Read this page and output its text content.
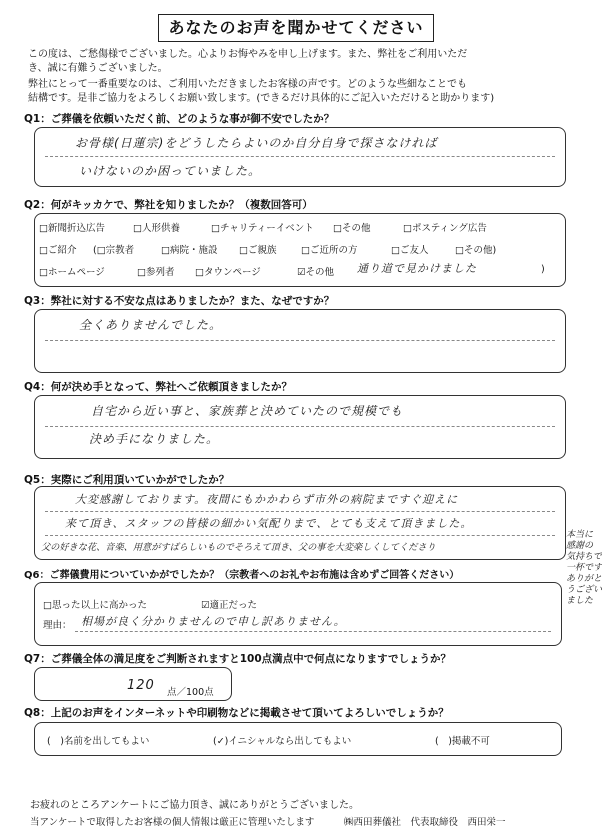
あなたのお声を聞かせてください
この度は、ご愁傷様でございました。心よりお悔やみを申し上げます。また、弊社をご利用いただ
き、誠に有難うございました。
弊社にとって一番重要なのは、ご利用いただきましたお客様の声です。どのような些細なことでも
結構です。是非ご協力をよろしくお願い致します。(できるだけ具体的にご記入いただけると助かります)
Q1：ご葬儀を依頼いただく前、どのような事が御不安でしたか？
お骨様(日蓮宗)をどうしたらよいのか自分自身で探さなければ
いけないのか困っていました。
Q2：何がキッカケで、弊社を知りましたか？（複数回答可）
□新聞折込広告	□人形供養	□チャリティーイベント □その他	□ポスティング広告
□ご紹介 (□宗教者	□病院・施設 □ご親族	□ご近所の方	□ご友人	□その他)
□ホームページ	□参列者 □タウンページ	☑その他 通り道で見かけました	)
Q3：弊社に対する不安な点はありましたか？また、なぜですか？
全くありませんでした。
Q4：何が決め手となって、弊社へご依頼頂きましたか？
自宅から近い事と、家族葬と決めていたので規模でも
決め手になりました。
Q5：実際にご利用頂いていかがでしたか？
大変感謝しております。夜間にもかかわらず市外の病院まですぐ迎えに
来て頂き、スタッフの皆様の細かい気配りまで、とても支えて頂きました。
父の好きな花、音楽、用意がすばらしいものでそろえて頂き、父の事を大変楽しくしてくださり
本当に
感謝の
気持ちで
一杯です
ありがと
うござい
ました
Q6：ご葬儀費用についていかがでしたか？（宗教者へのお礼やお布施は含めずご回答ください）
□思った以上に高かった	☑適正だった
理由： 相場が良く分かりませんので申し訳ありません。
Q7：ご葬儀全体の満足度をご判断されますと100点満点中で何点になりますでしょうか？
120 点／100点
Q8：上記のお声をインターネットや印刷物などに掲載させて頂いてよろしいでしょうか？
(　)名前を出してもよい	(✓)イニシャルなら出してもよい	(　)掲載不可
お疲れのところアンケートにご協力頂き、誠にありがとうございました。
当アンケートで取得したお客様の個人情報は厳正に管理いたします	㈱西田葬儀社　代表取締役　西田栄一
